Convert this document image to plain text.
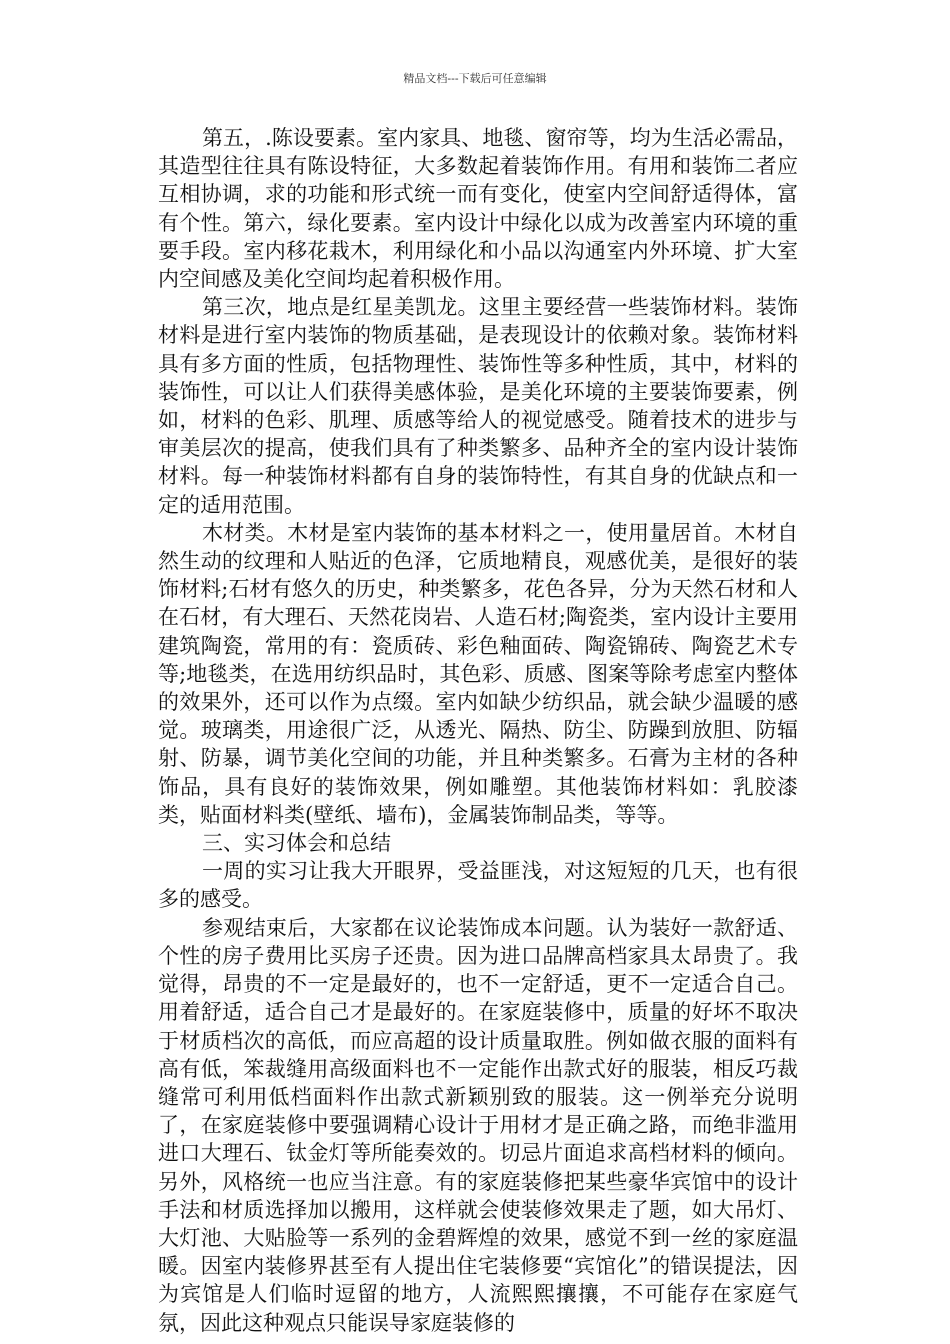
精品文档---下载后可任意编辑

第五，.陈设要素。室内家具、地毯、窗帘等，均为生活必需品，其造型往往具有陈设特征，大多数起着装饰作用。有用和装饰二者应互相协调，求的功能和形式统一而有变化，使室内空间舒适得体，富有个性。第六，绿化要素。室内设计中绿化以成为改善室内环境的重要手段。室内移花栽木，利用绿化和小品以沟通室内外环境、扩大室内空间感及美化空间均起着积极作用。

第三次，地点是红星美凯龙。这里主要经营一些装饰材料。装饰材料是进行室内装饰的物质基础，是表现设计的依赖对象。装饰材料具有多方面的性质，包括物理性、装饰性等多种性质，其中，材料的装饰性，可以让人们获得美感体验，是美化环境的主要装饰要素，例如，材料的色彩、肌理、质感等给人的视觉感受。随着技术的进步与审美层次的提高，使我们具有了种类繁多、品种齐全的室内设计装饰材料。每一种装饰材料都有自身的装饰特性，有其自身的优缺点和一定的适用范围。

木材类。木材是室内装饰的基本材料之一，使用量居首。木材自然生动的纹理和人贴近的色泽，它质地精良，观感优美，是很好的装饰材料;石材有悠久的历史，种类繁多，花色各异，分为天然石材和人在石材，有大理石、天然花岗岩、人造石材;陶瓷类，室内设计主要用建筑陶瓷，常用的有：瓷质砖、彩色釉面砖、陶瓷锦砖、陶瓷艺术专等;地毯类，在选用纺织品时，其色彩、质感、图案等除考虑室内整体的效果外，还可以作为点缀。室内如缺少纺织品，就会缺少温暖的感觉。玻璃类，用途很广泛，从透光、隔热、防尘、防躁到放胆、防辐射、防暴，调节美化空间的功能，并且种类繁多。石膏为主材的各种饰品，具有良好的装饰效果，例如雕塑。其他装饰材料如：乳胶漆类，贴面材料类(壁纸、墙布)，金属装饰制品类，等等。

三、实习体会和总结

一周的实习让我大开眼界，受益匪浅，对这短短的几天，也有很多的感受。

参观结束后，大家都在议论装饰成本问题。认为装好一款舒适、个性的房子费用比买房子还贵。因为进口品牌高档家具太昂贵了。我觉得，昂贵的不一定是最好的，也不一定舒适，更不一定适合自己。用着舒适，适合自己才是最好的。在家庭装修中，质量的好坏不取决于材质档次的高低，而应高超的设计质量取胜。例如做衣服的面料有高有低，笨裁缝用高级面料也不一定能作出款式好的服装，相反巧裁缝常可利用低档面料作出款式新颖别致的服装。这一例举充分说明了，在家庭装修中要强调精心设计于用材才是正确之路，而绝非滥用进口大理石、钛金灯等所能奏效的。切忌片面追求高档材料的倾向。另外，风格统一也应当注意。有的家庭装修把某些豪华宾馆中的设计手法和材质选择加以搬用，这样就会使装修效果走了题，如大吊灯、大灯池、大贴脸等一系列的金碧辉煌的效果，感觉不到一丝的家庭温暖。因室内装修界甚至有人提出住宅装修要“宾馆化”的错误提法，因为宾馆是人们临时逗留的地方，人流熙熙攘攘，不可能存在家庭气氛，因此这种观点只能误导家庭装修的
